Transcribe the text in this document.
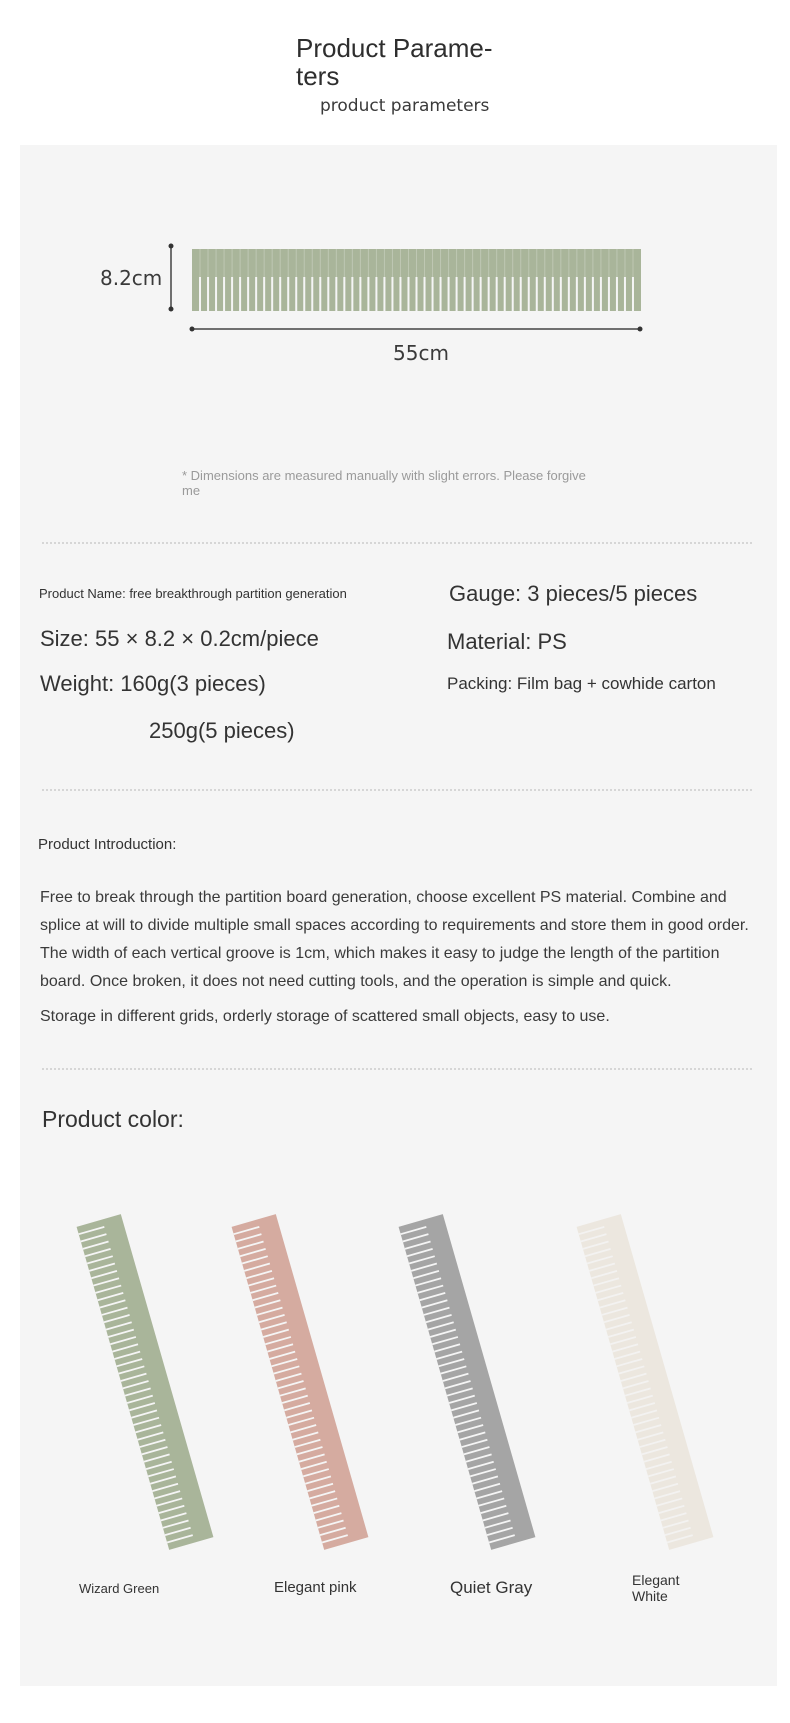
Product Parame-
ters
product parameters
8.2cm
55cm
* Dimensions are measured manually with slight errors. Please forgive me
Product Name: free breakthrough partition generation	Gauge: 3 pieces/5 pieces
Size: 55 × 8.2 × 0.2cm/piece	Material: PS
Weight: 160g(3 pieces)	Packing: Film bag + cowhide carton
250g(5 pieces)
Product Introduction:
Free to break through the partition board generation, choose excellent PS material. Combine and splice at will to divide multiple small spaces according to requirements and store them in good order. The width of each vertical groove is 1cm, which makes it easy to judge the length of the partition board. Once broken, it does not need cutting tools, and the operation is simple and quick.
Storage in different grids, orderly storage of scattered small objects, easy to use.
Product color:
Wizard Green	Elegant pink	Quiet Gray	Elegant White
